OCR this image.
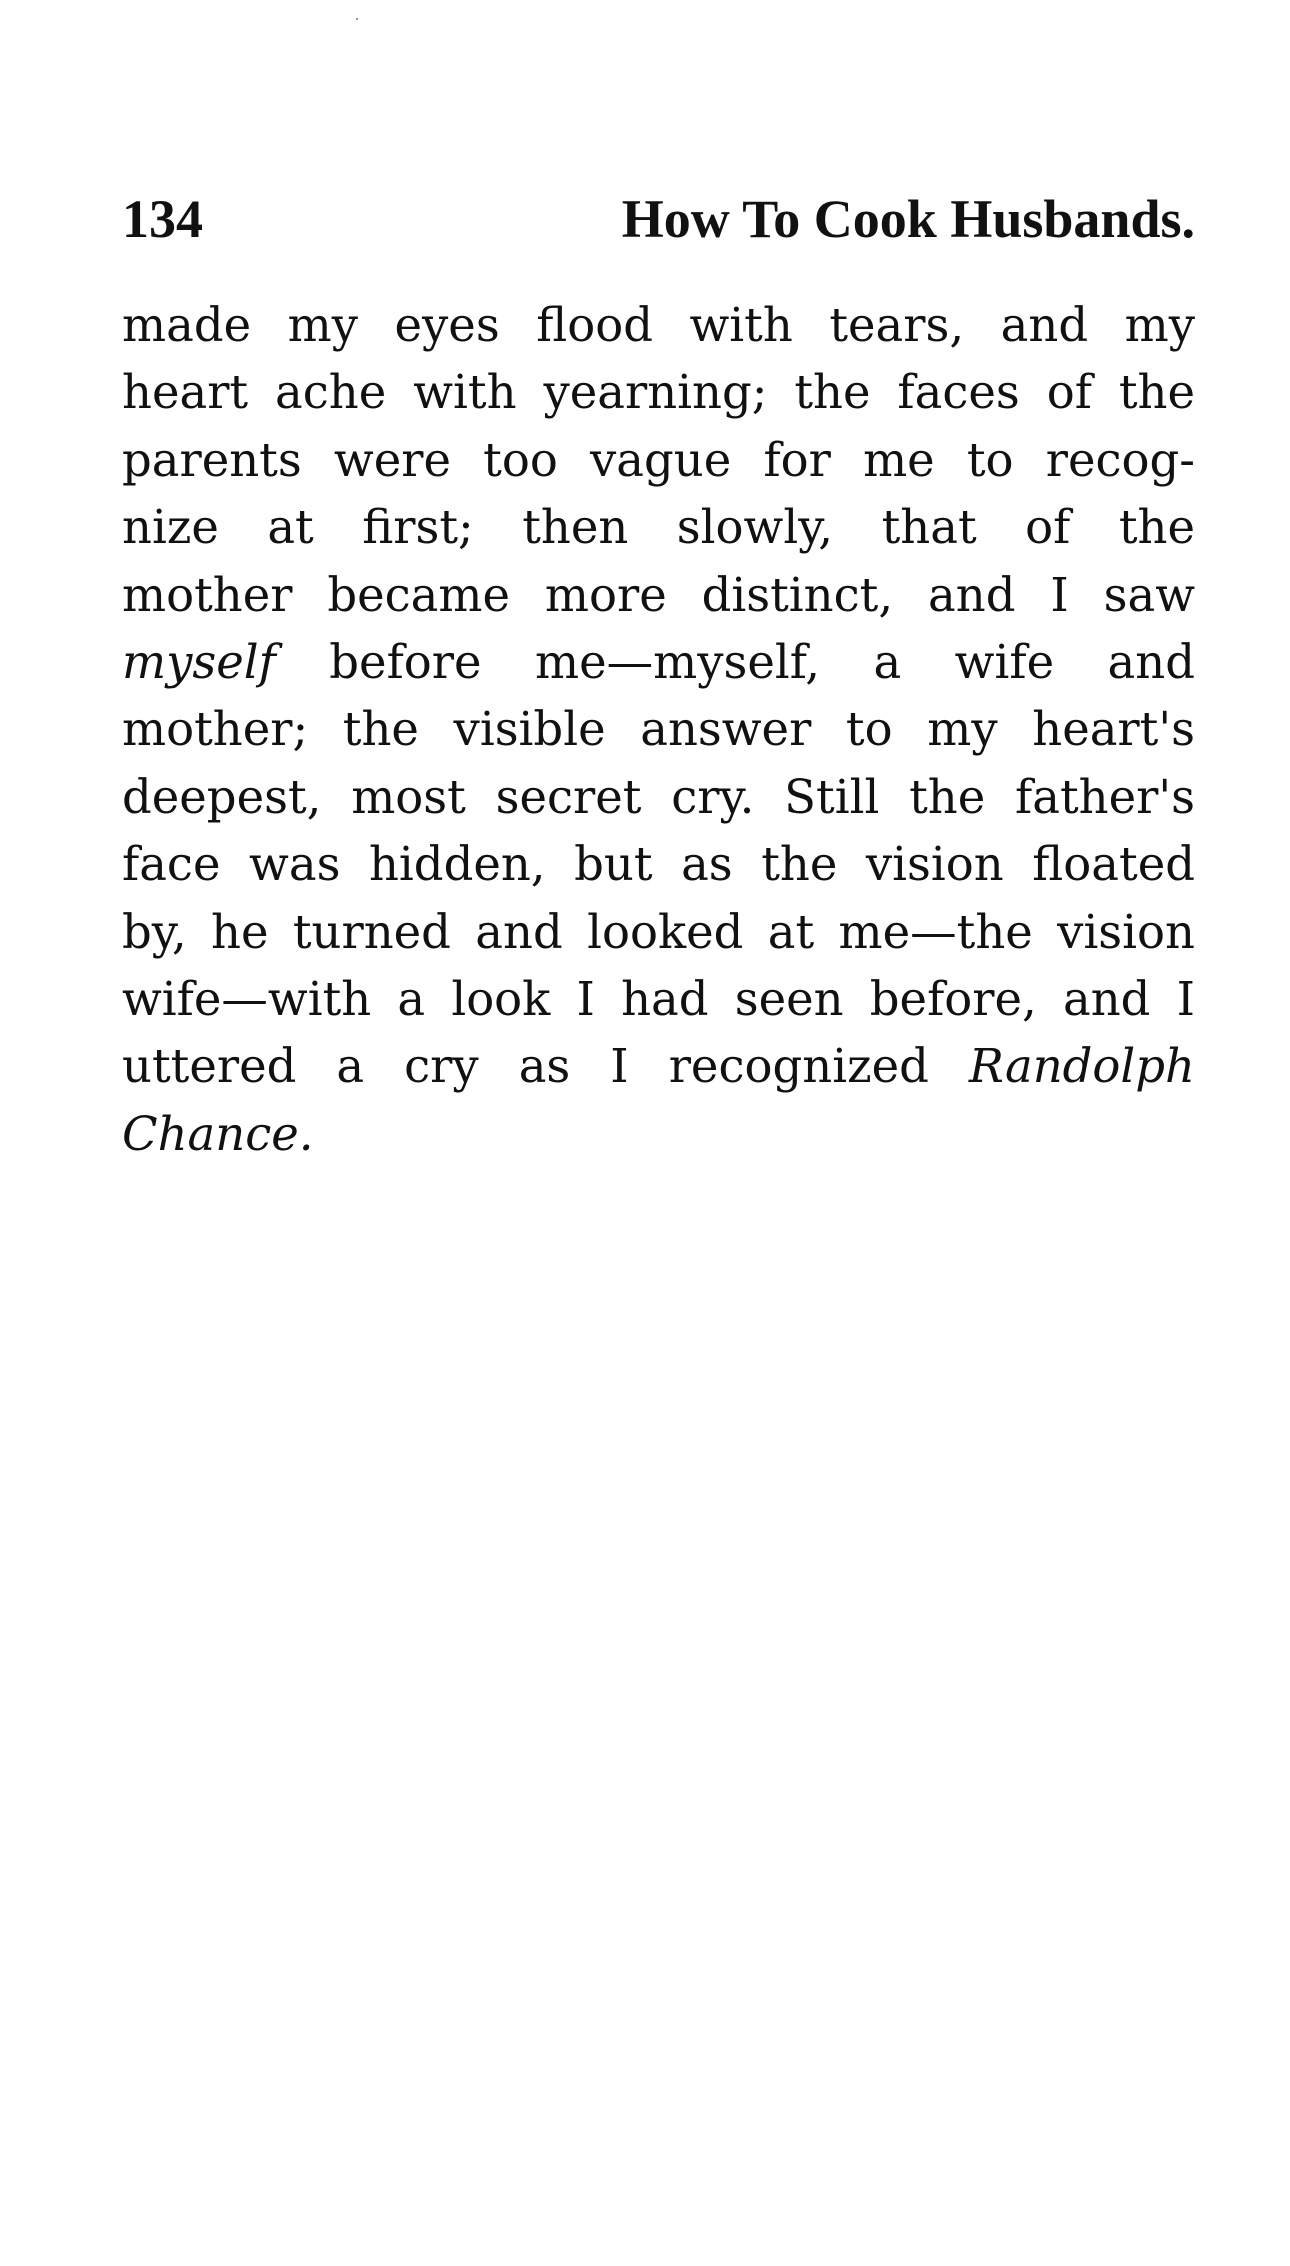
134	How To Cook Husbands.
made my eyes flood with tears, and my
heart ache with yearning; the faces of the
parents were too vague for me to recog-
nize at first; then slowly, that of the
mother became more distinct, and I saw
myself before me—myself, a wife and
mother; the visible answer to my heart's
deepest, most secret cry. Still the father's
face was hidden, but as the vision floated
by, he turned and looked at me—the vision
wife—with a look I had seen before, and I
uttered a cry as I recognized Randolph
Chance.
